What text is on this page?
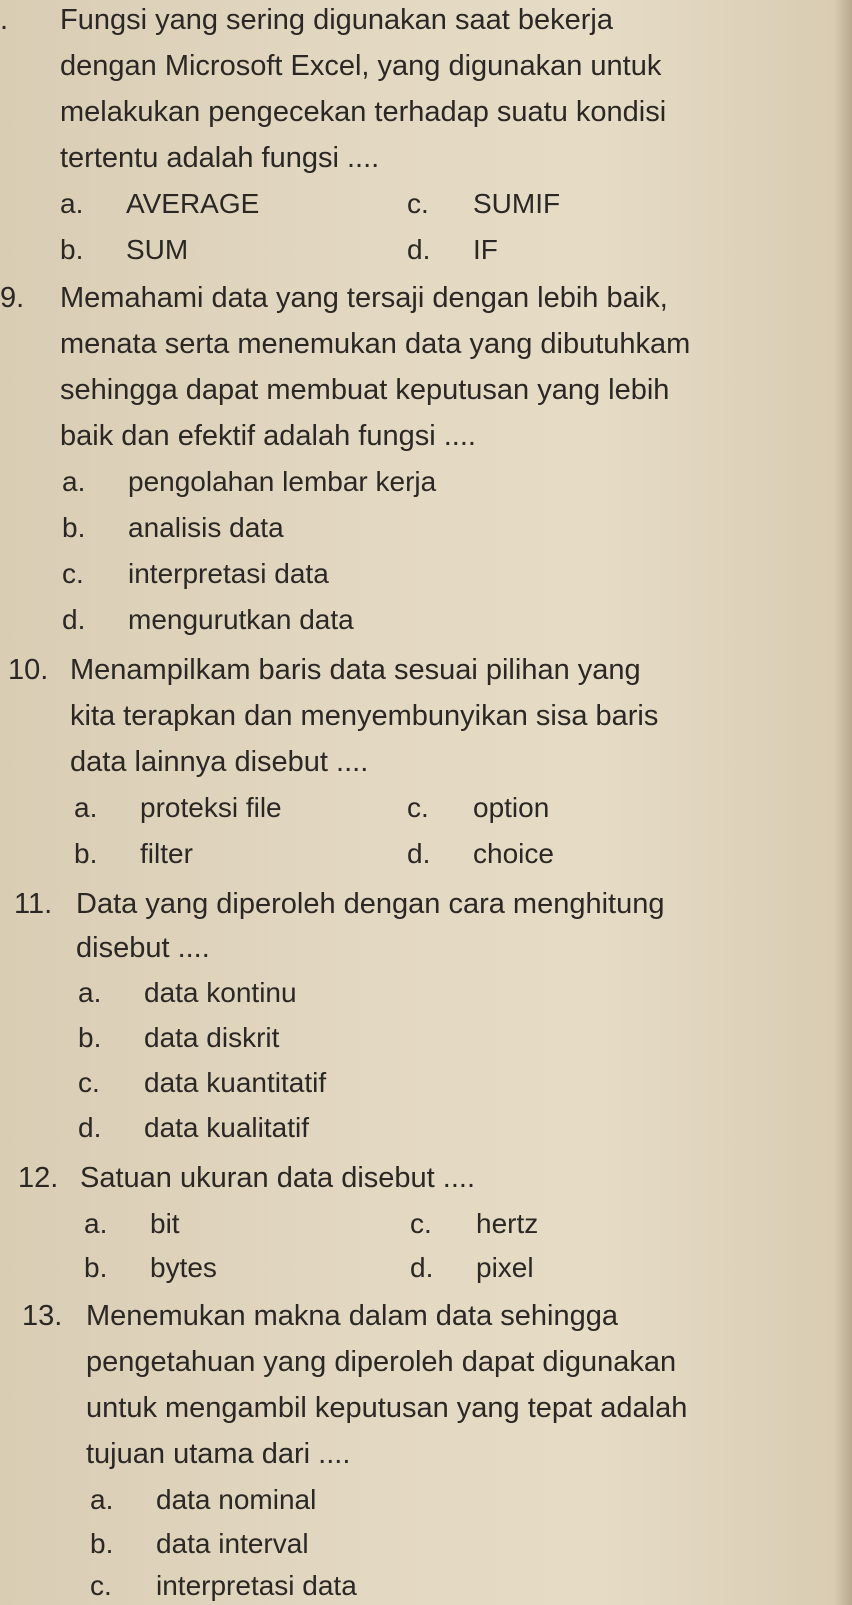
. Fungsi yang sering digunakan saat bekerja
dengan Microsoft Excel, yang digunakan untuk
melakukan pengecekan terhadap suatu kondisi
tertentu adalah fungsi ....
a. AVERAGE	c. SUMIF
b. SUM	d. IF
9. Memahami data yang tersaji dengan lebih baik,
menata serta menemukan data yang dibutuhkam
sehingga dapat membuat keputusan yang lebih
baik dan efektif adalah fungsi ....
a. pengolahan lembar kerja
b. analisis data
c. interpretasi data
d. mengurutkan data
10. Menampilkam baris data sesuai pilihan yang
kita terapkan dan menyembunyikan sisa baris
data lainnya disebut ....
a. proteksi file	c. option
b. filter	d. choice
11. Data yang diperoleh dengan cara menghitung
disebut ....
a. data kontinu
b. data diskrit
c. data kuantitatif
d. data kualitatif
12. Satuan ukuran data disebut ....
a. bit	c. hertz
b. bytes	d. pixel
13. Menemukan makna dalam data sehingga
pengetahuan yang diperoleh dapat digunakan
untuk mengambil keputusan yang tepat adalah
tujuan utama dari ....
a. data nominal
b. data interval
c. interpretasi data
